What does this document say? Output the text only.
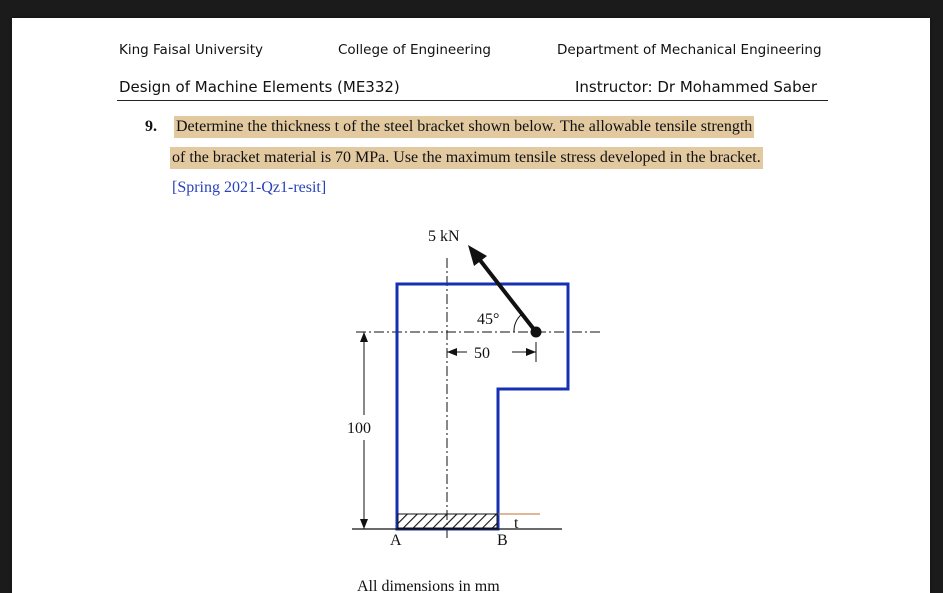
King Faisal University	College of Engineering	Department of Mechanical Engineering
Design of Machine Elements (ME332)	Instructor: Dr Mohammed Saber
9. Determine the thickness t of the steel bracket shown below. The allowable tensile strength
of the bracket material is 70 MPa. Use the maximum tensile stress developed in the bracket.
[Spring 2021-Qz1-resit]
5 kN
45°
50
100
A	B
t
All dimensions in mm
